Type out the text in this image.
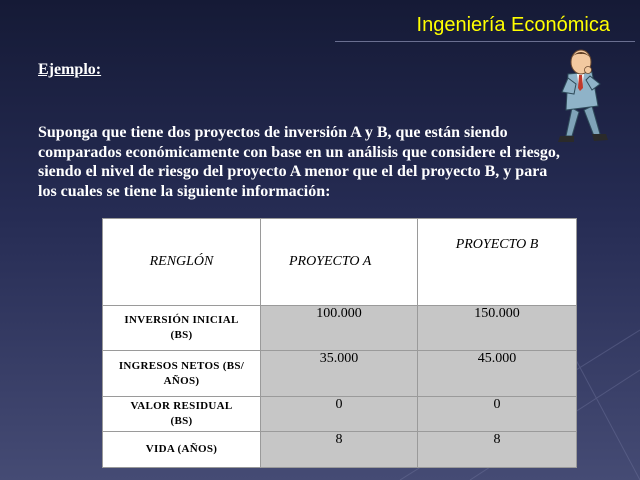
Ingeniería Económica
Ejemplo:

Suponga que tiene dos proyectos de inversión A y B, que están siendo
comparados económicamente con base en un análisis que considere el riesgo,
siendo el nivel de riesgo del proyecto A menor que el del proyecto B, y para
los cuales se tiene la siguiente información:

RENGLÓN	PROYECTO A	PROYECTO B
INVERSIÓN INICIAL
(BS)	100.000	150.000
INGRESOS NETOS (BS/
AÑOS)	35.000	45.000
VALOR RESIDUAL
(BS)	0	0
VIDA (AÑOS)	8	8
